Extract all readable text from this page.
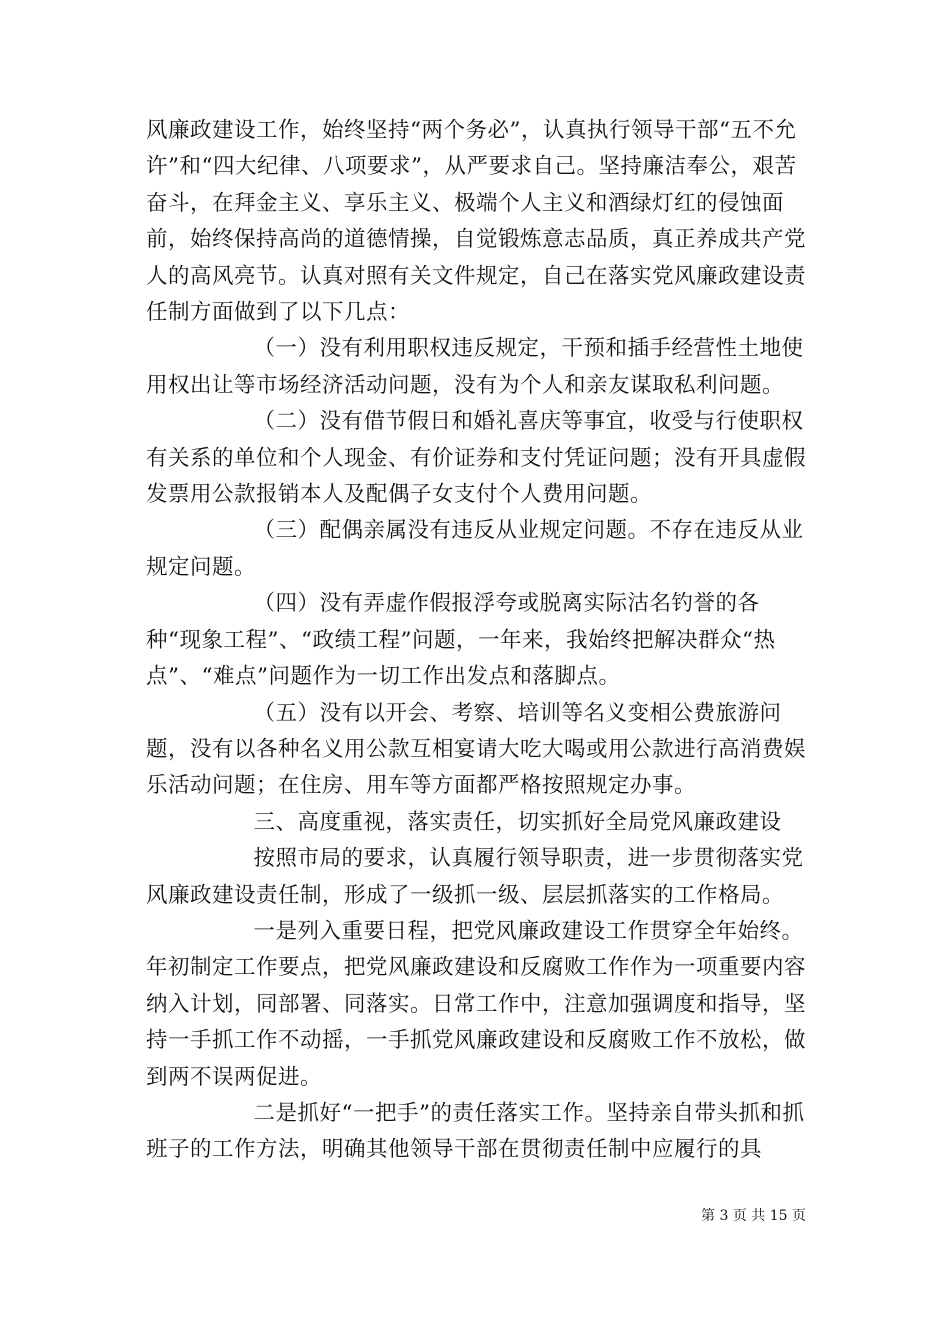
风廉政建设工作，始终坚持“两个务必”，认真执行领导干部“五不允许”和“四大纪律、八项要求”，从严要求自己。坚持廉洁奉公，艰苦奋斗，在拜金主义、享乐主义、极端个人主义和酒绿灯红的侵蚀面前，始终保持高尚的道德情操，自觉锻炼意志品质，真正养成共产党人的高风亮节。认真对照有关文件规定，自己在落实党风廉政建设责任制方面做到了以下几点：

（一）没有利用职权违反规定，干预和插手经营性土地使用权出让等市场经济活动问题，没有为个人和亲友谋取私利问题。

（二）没有借节假日和婚礼喜庆等事宜，收受与行使职权有关系的单位和个人现金、有价证券和支付凭证问题；没有开具虚假发票用公款报销本人及配偶子女支付个人费用问题。

（三）配偶亲属没有违反从业规定问题。不存在违反从业规定问题。

（四）没有弄虚作假报浮夸或脱离实际沽名钓誉的各种“现象工程”、“政绩工程”问题，一年来，我始终把解决群众“热点”、“难点”问题作为一切工作出发点和落脚点。

（五）没有以开会、考察、培训等名义变相公费旅游问题，没有以各种名义用公款互相宴请大吃大喝或用公款进行高消费娱乐活动问题；在住房、用车等方面都严格按照规定办事。

三、高度重视，落实责任，切实抓好全局党风廉政建设

按照市局的要求，认真履行领导职责，进一步贯彻落实党风廉政建设责任制，形成了一级抓一级、层层抓落实的工作格局。

一是列入重要日程，把党风廉政建设工作贯穿全年始终。年初制定工作要点，把党风廉政建设和反腐败工作作为一项重要内容纳入计划，同部署、同落实。日常工作中，注意加强调度和指导，坚持一手抓工作不动摇，一手抓党风廉政建设和反腐败工作不放松，做到两不误两促进。

二是抓好“一把手”的责任落实工作。坚持亲自带头抓和抓班子的工作方法，明确其他领导干部在贯彻责任制中应履行的具

第 3 页 共 15 页
